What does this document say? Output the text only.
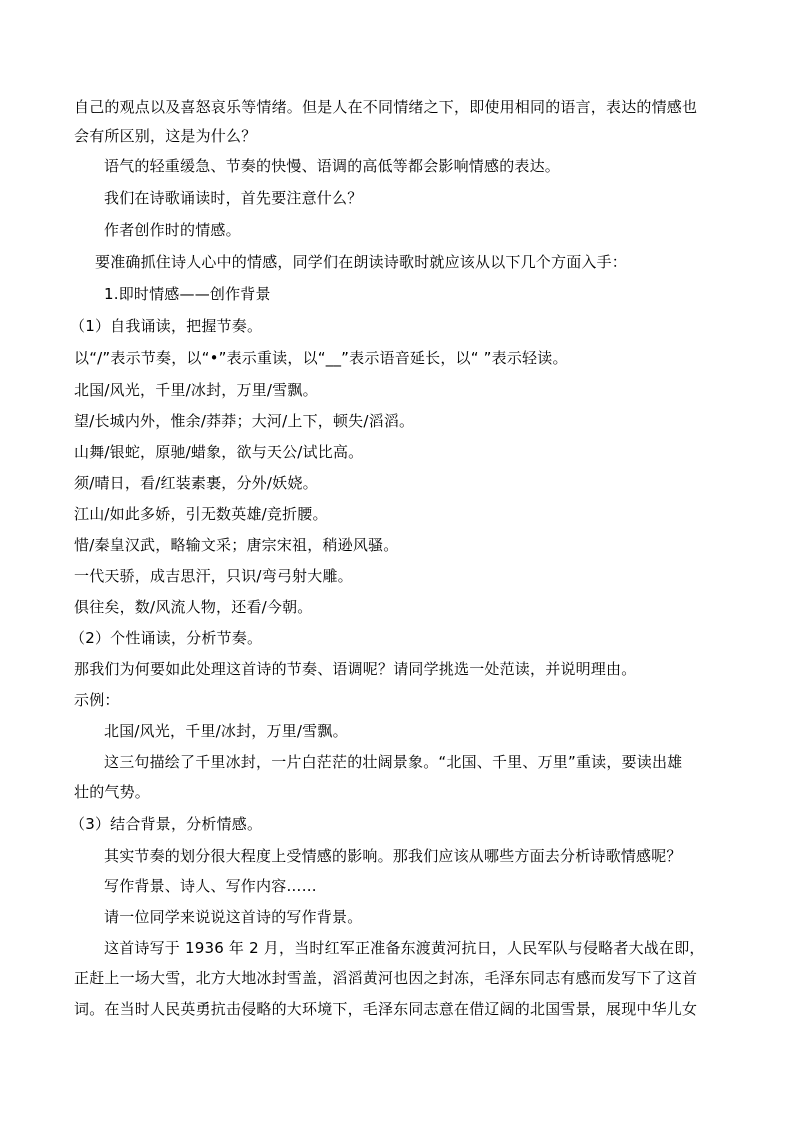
自己的观点以及喜怒哀乐等情绪。但是人在不同情绪之下，即使用相同的语言，表达的情感也
会有所区别，这是为什么？
语气的轻重缓急、节奏的快慢、语调的高低等都会影响情感的表达。
我们在诗歌诵读时，首先要注意什么？
作者创作时的情感。
要准确抓住诗人心中的情感，同学们在朗读诗歌时就应该从以下几个方面入手：
1.即时情感——创作背景
（1）自我诵读，把握节奏。
以“/”表示节奏，以“•”表示重读，以“__”表示语音延长，以“ ”表示轻读。
北国/风光，千里/冰封，万里/雪飘。
望/长城内外，惟余/莽莽；大河/上下，顿失/滔滔。
山舞/银蛇，原驰/蜡象，欲与天公/试比高。
须/晴日，看/红装素裹，分外/妖娆。
江山/如此多娇，引无数英雄/竞折腰。
惜/秦皇汉武，略输文采；唐宗宋祖，稍逊风骚。
一代天骄，成吉思汗，只识/弯弓射大雕。
俱往矣，数/风流人物，还看/今朝。
（2）个性诵读，分析节奏。
那我们为何要如此处理这首诗的节奏、语调呢？请同学挑选一处范读，并说明理由。
示例：
北国/风光，千里/冰封，万里/雪飘。
这三句描绘了千里冰封，一片白茫茫的壮阔景象。“北国、千里、万里”重读，要读出雄
壮的气势。
（3）结合背景，分析情感。
其实节奏的划分很大程度上受情感的影响。那我们应该从哪些方面去分析诗歌情感呢？
写作背景、诗人、写作内容……
请一位同学来说说这首诗的写作背景。
这首诗写于 1936 年 2 月，当时红军正准备东渡黄河抗日，人民军队与侵略者大战在即，
正赶上一场大雪，北方大地冰封雪盖，滔滔黄河也因之封冻，毛泽东同志有感而发写下了这首
词。在当时人民英勇抗击侵略的大环境下，毛泽东同志意在借辽阔的北国雪景，展现中华儿女
